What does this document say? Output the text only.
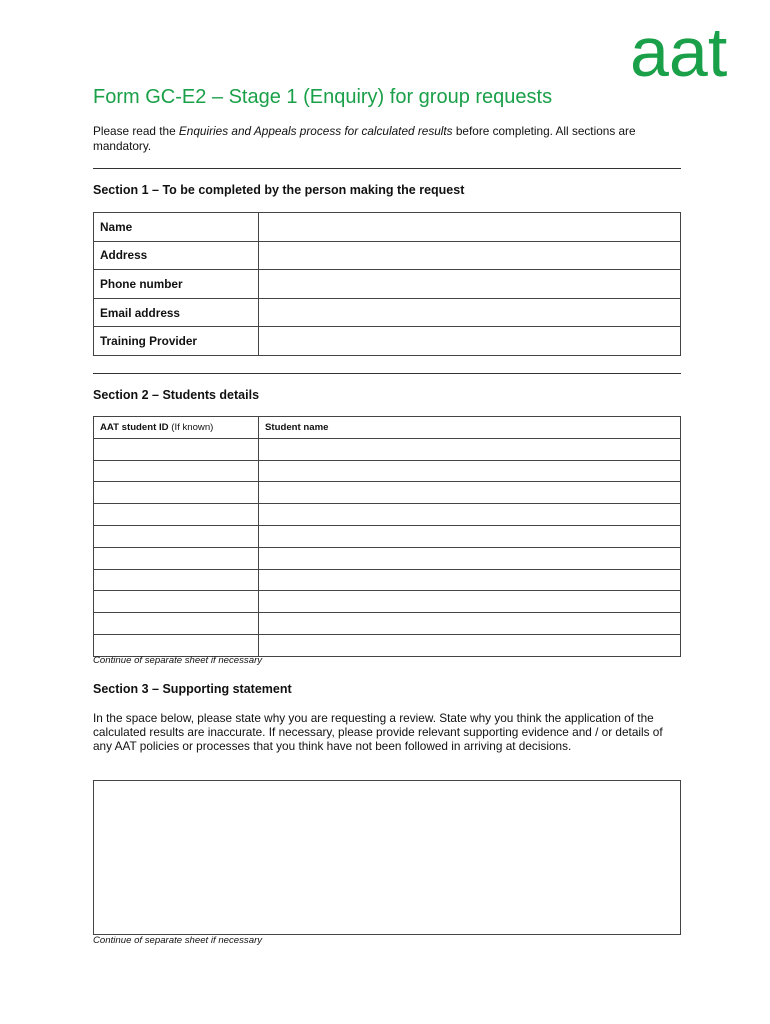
aat
Form GC-E2 – Stage 1 (Enquiry) for group requests
Please read the Enquiries and Appeals process for calculated results before completing. All sections are mandatory.
Section 1 – To be completed by the person making the request
Name	
Address	
Phone number	
Email address	
Training Provider	
Section 2 – Students details
AAT student ID (If known)	Student name

Continue of separate sheet if necessary
Section 3 – Supporting statement
In the space below, please state why you are requesting a review. State why you think the application of the calculated results are inaccurate. If necessary, please provide relevant supporting evidence and / or details of any AAT policies or processes that you think have not been followed in arriving at decisions.
Continue of separate sheet if necessary
